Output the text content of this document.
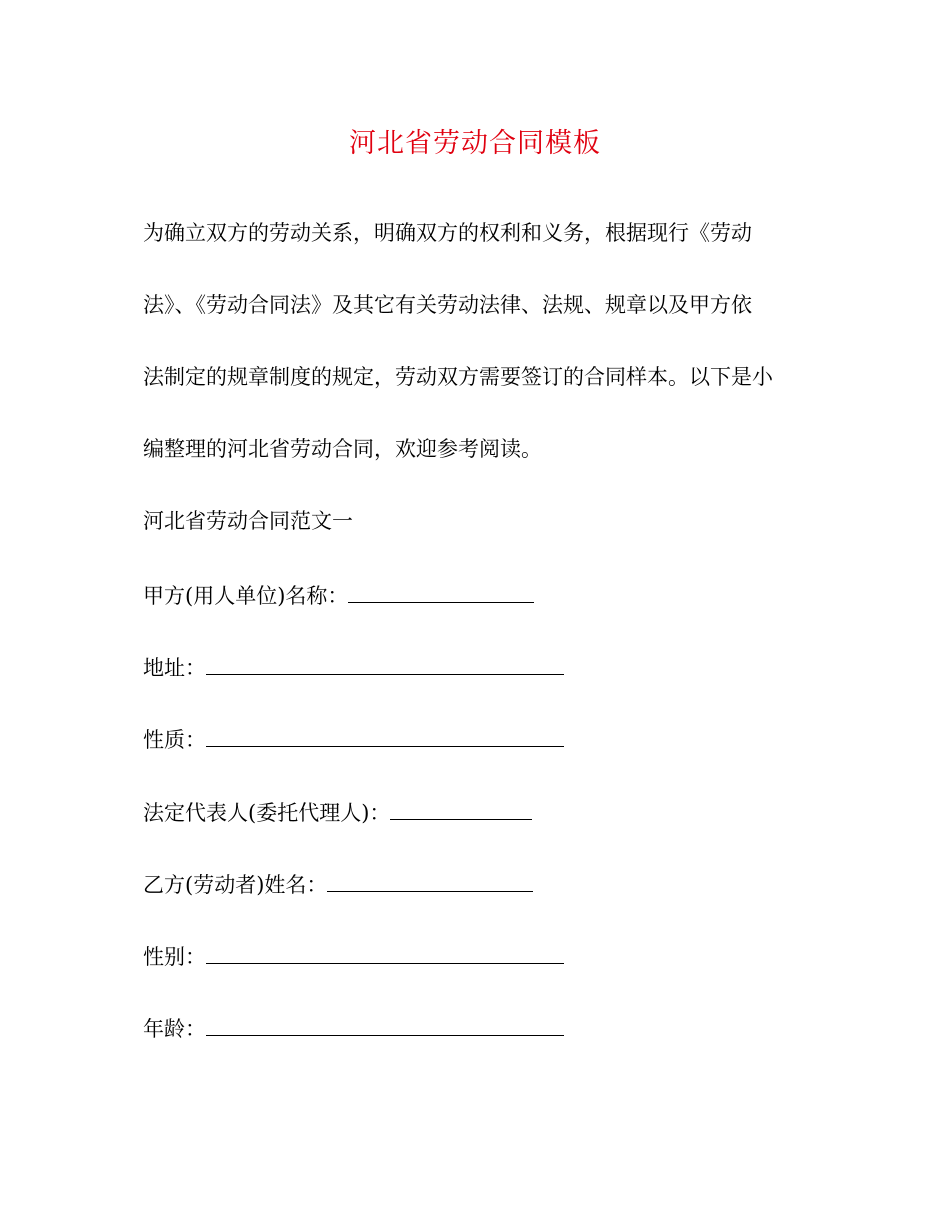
河北省劳动合同模板
为确立双方的劳动关系，明确双方的权利和义务，根据现行《劳动
法》、《劳动合同法》及其它有关劳动法律、法规、规章以及甲方依
法制定的规章制度的规定，劳动双方需要签订的合同样本。以下是小
编整理的河北省劳动合同，欢迎参考阅读。
河北省劳动合同范文一
甲方(用人单位)名称：
地址：
性质：
法定代表人(委托代理人)：
乙方(劳动者)姓名：
性别：
年龄：
